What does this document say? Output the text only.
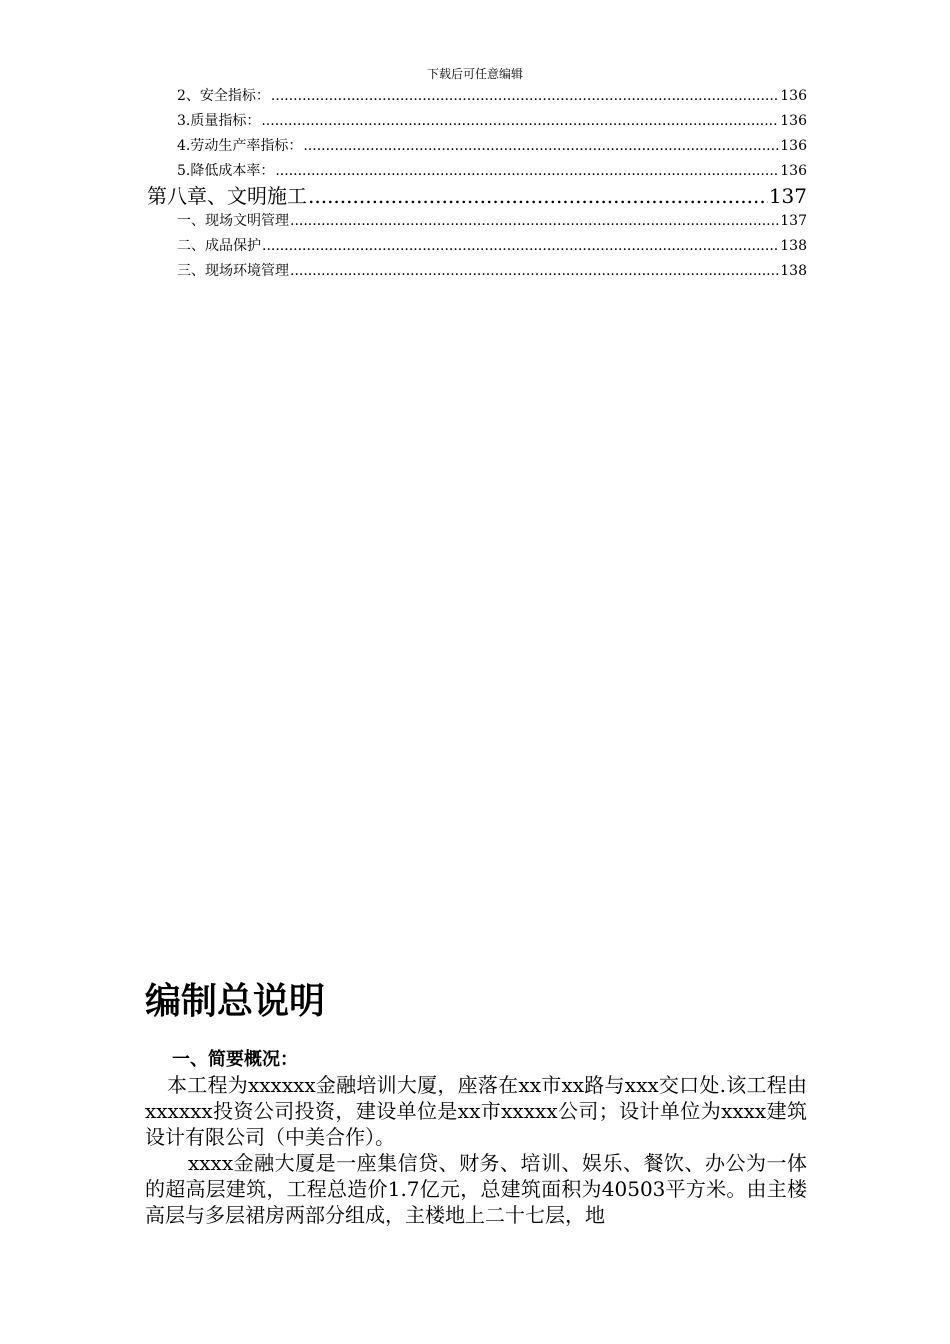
下载后可任意编辑
2、安全指标： .....	136
3.质量指标： .....	136
4.劳动生产率指标： .....	136
5.降低成本率： .....	136
第八章、文明施工 .....	137
一、现场文明管理 .....	137
二、成品保护 .....	138
三、现场环境管理 .....	138
编制总说明
一、简要概况：

本工程为xxxxxx金融培训大厦，座落在xx市xx路与xxx交口处.该工程由xxxxxx投资公司投资，建设单位是xx市xxxxx公司；设计单位为xxxx建筑设计有限公司（中美合作）。

xxxx金融大厦是一座集信贷、财务、培训、娱乐、餐饮、办公为一体的超高层建筑，工程总造价1.7亿元，总建筑面积为40503平方米。由主楼高层与多层裙房两部分组成，主楼地上二十七层，地
